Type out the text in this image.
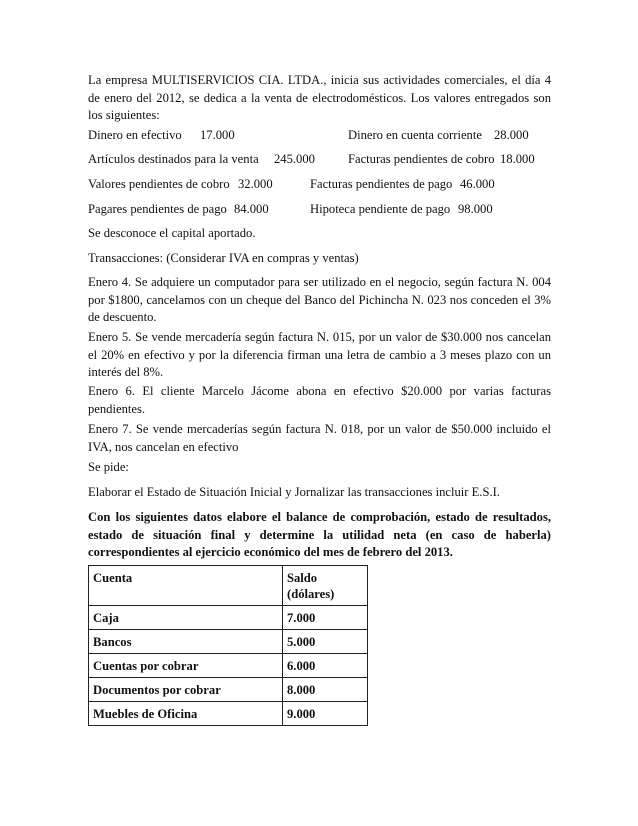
La empresa MULTISERVICIOS CIA. LTDA., inicia sus actividades comerciales, el día 4 de enero del 2012, se dedica a la venta de electrodomésticos. Los valores entregados son los siguientes:

Dinero en efectivo 17.000	Dinero en cuenta corriente 28.000
Artículos destinados para la venta 245.000	Facturas pendientes de cobro 18.000
Valores pendientes de cobro 32.000	Facturas pendientes de pago 46.000
Pagares pendientes de pago 84.000	Hipoteca pendiente de pago 98.000

Se desconoce el capital aportado.

Transacciones: (Considerar IVA en compras y ventas)

Enero 4. Se adquiere un computador para ser utilizado en el negocio, según factura N. 004 por $1800, cancelamos con un cheque del Banco del Pichincha N. 023 nos conceden el 3% de descuento.

Enero 5. Se vende mercadería según factura N. 015, por un valor de $30.000 nos cancelan el 20% en efectivo y por la diferencia firman una letra de cambio a 3 meses plazo con un interés del 8%.

Enero 6. El cliente Marcelo Jácome abona en efectivo $20.000 por varias facturas pendientes.

Enero 7. Se vende mercaderías según factura N. 018, por un valor de $50.000 incluido el IVA, nos cancelan en efectivo

Se pide:

Elaborar el Estado de Situación Inicial y Jornalizar las transacciones incluir E.S.I.

Con los siguientes datos elabore el balance de comprobación, estado de resultados, estado de situación final y determine la utilidad neta (en caso de haberla) correspondientes al ejercicio económico del mes de febrero del 2013.

Cuenta	Saldo (dólares)
Caja	7.000
Bancos	5.000
Cuentas por cobrar	6.000
Documentos por cobrar	8.000
Muebles de Oficina	9.000
